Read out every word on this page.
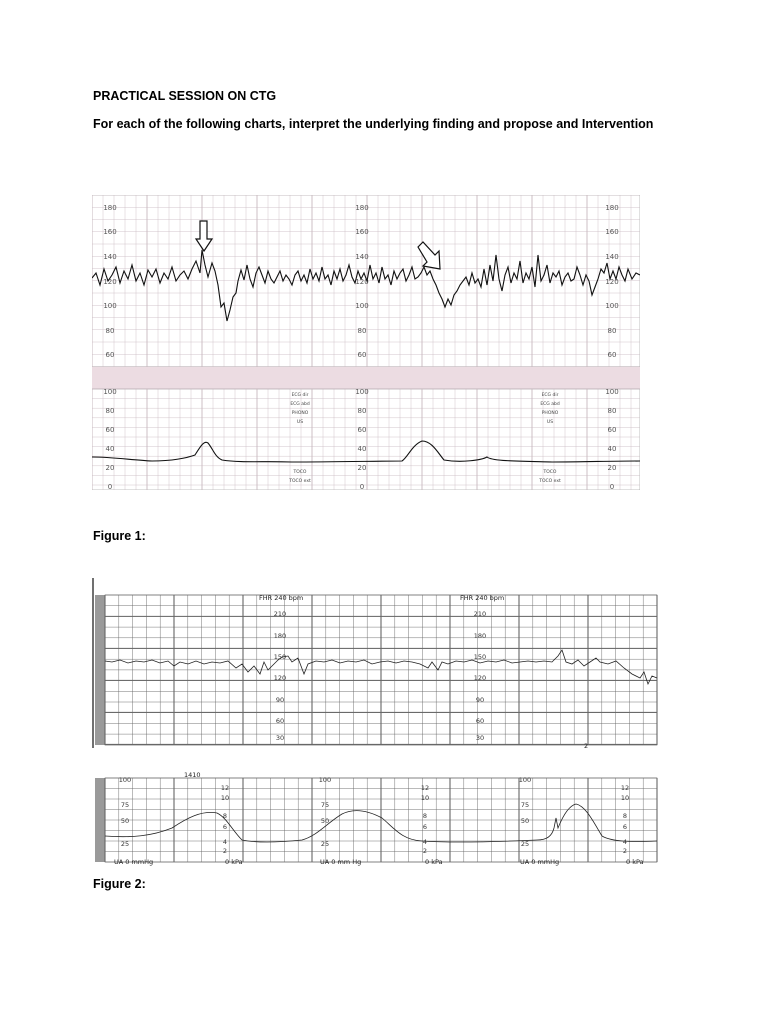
PRACTICAL SESSION ON CTG
For each of the following charts, interpret the underlying finding and propose and Intervention
180
160
140
120
100
80
60
100
80
60
40
20
0
180
160
140
120
100
80
60
100
80
60
40
20
0
180
160
140
120
100
80
60
100
80
60
40
20
0
ECG dir
ECG abd
PHONO
US
TOCO
TOCO ext
ECG dir
ECG abd
PHONO
US
TOCO
TOCO ext
Figure 1:
FHR 240 bpm	FHR 240 bpm
210
180
150
120
90
60
30
210
180
150
120
90
60
30
100
75
50
25
12
10
8
6
4
2
100
75
50
25
12
10
8
6
4
2
100
75
50
25
12
10
8
6
4
2
1410
UA 0 mmHg	UA 0 mm Hg	UA 0 mmHg
0 kPa	0 kPa	0 kPa
2
Figure 2:
